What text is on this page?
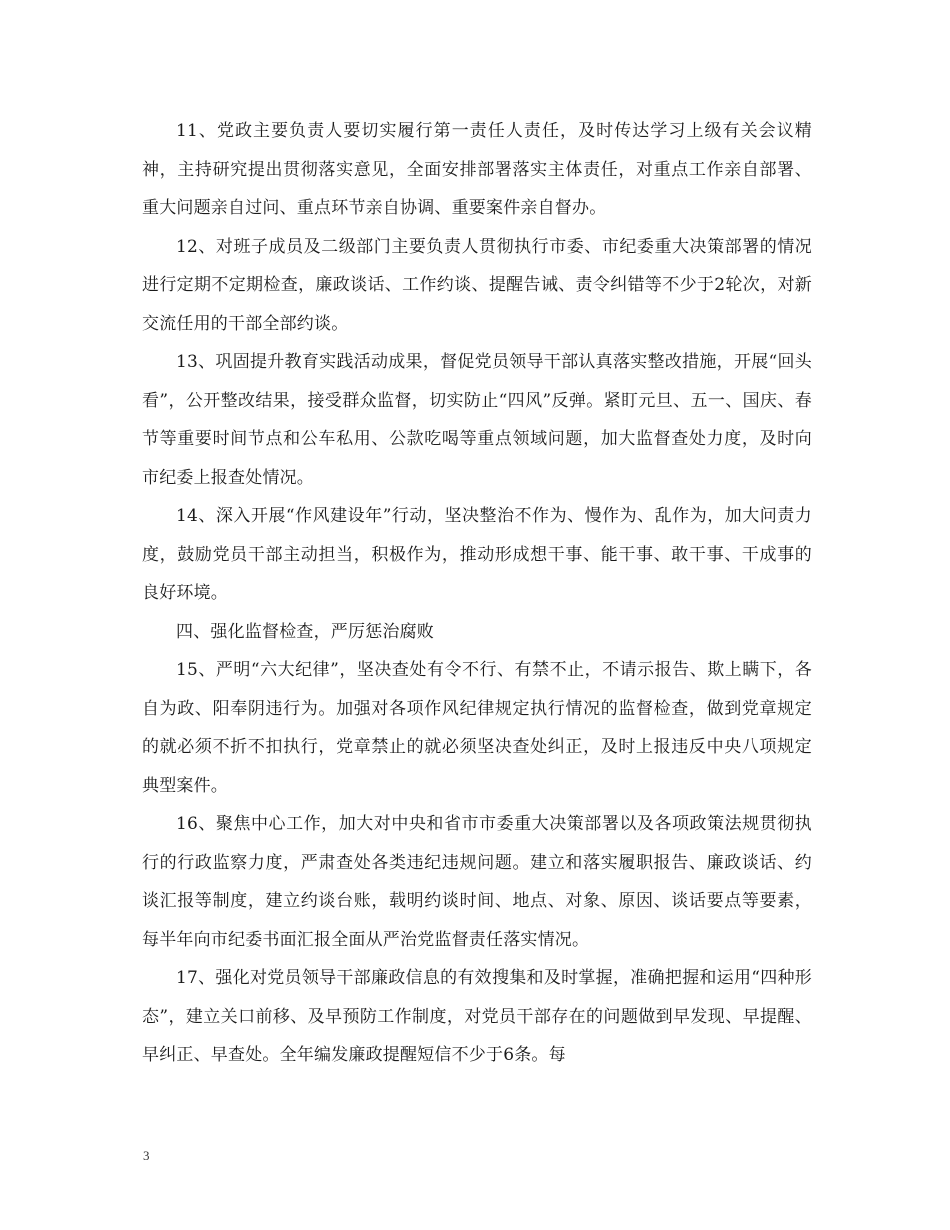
11、党政主要负责人要切实履行第一责任人责任，及时传达学习上级有关会议精神，主持研究提出贯彻落实意见，全面安排部署落实主体责任，对重点工作亲自部署、重大问题亲自过问、重点环节亲自协调、重要案件亲自督办。

12、对班子成员及二级部门主要负责人贯彻执行市委、市纪委重大决策部署的情况进行定期不定期检查，廉政谈话、工作约谈、提醒告诫、责令纠错等不少于2轮次，对新交流任用的干部全部约谈。

13、巩固提升教育实践活动成果，督促党员领导干部认真落实整改措施，开展“回头看”，公开整改结果，接受群众监督，切实防止“四风”反弹。紧盯元旦、五一、国庆、春节等重要时间节点和公车私用、公款吃喝等重点领域问题，加大监督查处力度，及时向市纪委上报查处情况。

14、深入开展“作风建设年”行动，坚决整治不作为、慢作为、乱作为，加大问责力度，鼓励党员干部主动担当，积极作为，推动形成想干事、能干事、敢干事、干成事的良好环境。

四、强化监督检查，严厉惩治腐败

15、严明“六大纪律”，坚决查处有令不行、有禁不止，不请示报告、欺上瞒下，各自为政、阳奉阴违行为。加强对各项作风纪律规定执行情况的监督检查，做到党章规定的就必须不折不扣执行，党章禁止的就必须坚决查处纠正，及时上报违反中央八项规定典型案件。

16、聚焦中心工作，加大对中央和省市市委重大决策部署以及各项政策法规贯彻执行的行政监察力度，严肃查处各类违纪违规问题。建立和落实履职报告、廉政谈话、约谈汇报等制度，建立约谈台账，载明约谈时间、地点、对象、原因、谈话要点等要素，每半年向市纪委书面汇报全面从严治党监督责任落实情况。

17、强化对党员领导干部廉政信息的有效搜集和及时掌握，准确把握和运用“四种形态”，建立关口前移、及早预防工作制度，对党员干部存在的问题做到早发现、早提醒、早纠正、早查处。全年编发廉政提醒短信不少于6条。每

3
